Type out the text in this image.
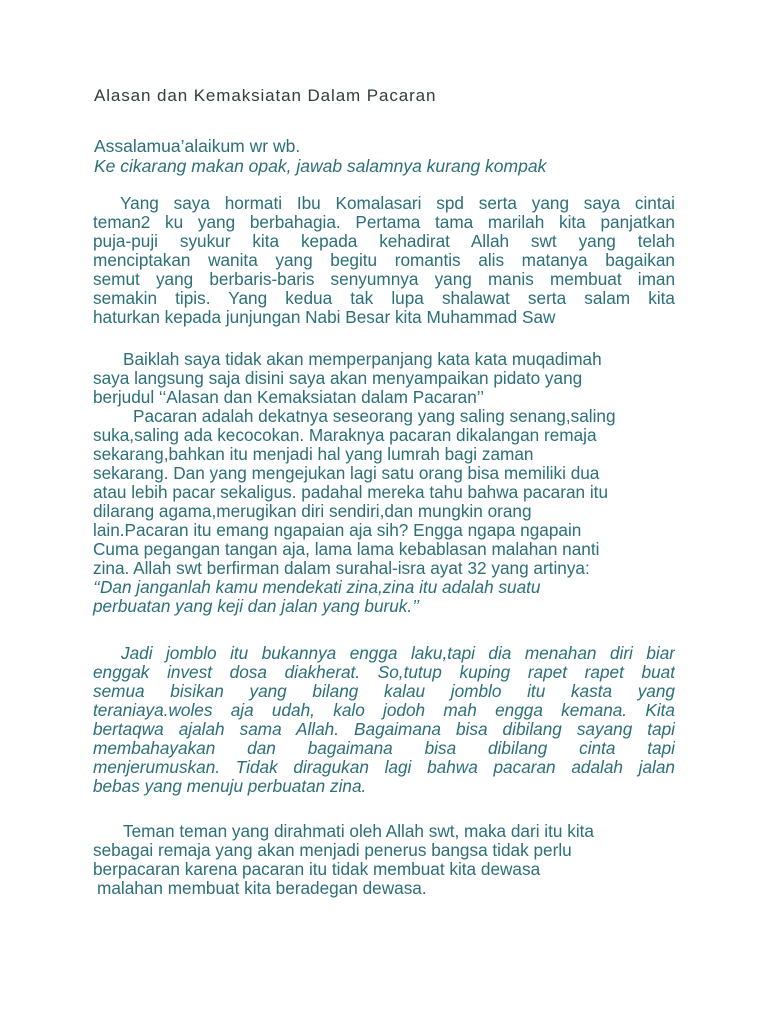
Alasan dan Kemaksiatan Dalam Pacaran
Assalamua’alaikum wr wb.
Ke cikarang makan opak, jawab salamnya kurang kompak
Yang saya hormati Ibu Komalasari spd serta yang saya cintai
teman2 ku yang berbahagia. Pertama tama marilah kita panjatkan
puja-puji syukur kita kepada kehadirat Allah swt yang telah
menciptakan wanita yang begitu romantis alis matanya bagaikan
semut yang berbaris-baris senyumnya yang manis membuat iman
semakin tipis. Yang kedua tak lupa shalawat serta salam kita
haturkan kepada junjungan Nabi Besar kita Muhammad Saw
Baiklah saya tidak akan memperpanjang kata kata muqadimah
saya langsung saja disini saya akan menyampaikan pidato yang
berjudul ‘‘Alasan dan Kemaksiatan dalam Pacaran’’
Pacaran adalah dekatnya seseorang yang saling senang,saling
suka,saling ada kecocokan. Maraknya pacaran dikalangan remaja
sekarang,bahkan itu menjadi hal yang lumrah bagi zaman
sekarang. Dan yang mengejukan lagi satu orang bisa memiliki dua
atau lebih pacar sekaligus. padahal mereka tahu bahwa pacaran itu
dilarang agama,merugikan diri sendiri,dan mungkin orang
lain.Pacaran itu emang ngapaian aja sih? Engga ngapa ngapain
Cuma pegangan tangan aja, lama lama kebablasan malahan nanti
zina. Allah swt berfirman dalam surahal-isra ayat 32 yang artinya:
‘‘Dan janganlah kamu mendekati zina,zina itu adalah suatu
perbuatan yang keji dan jalan yang buruk.’’
Jadi jomblo itu bukannya engga laku,tapi dia menahan diri biar
enggak invest dosa diakherat. So,tutup kuping rapet rapet buat
semua bisikan yang bilang kalau jomblo itu kasta yang
teraniaya.woles aja udah, kalo jodoh mah engga kemana. Kita
bertaqwa ajalah sama Allah. Bagaimana bisa dibilang sayang tapi
membahayakan dan bagaimana bisa dibilang cinta tapi
menjerumuskan. Tidak diragukan lagi bahwa pacaran adalah jalan
bebas yang menuju perbuatan zina.
Teman teman yang dirahmati oleh Allah swt, maka dari itu kita
sebagai remaja yang akan menjadi penerus bangsa tidak perlu
berpacaran karena pacaran itu tidak membuat kita dewasa
malahan membuat kita beradegan dewasa.
